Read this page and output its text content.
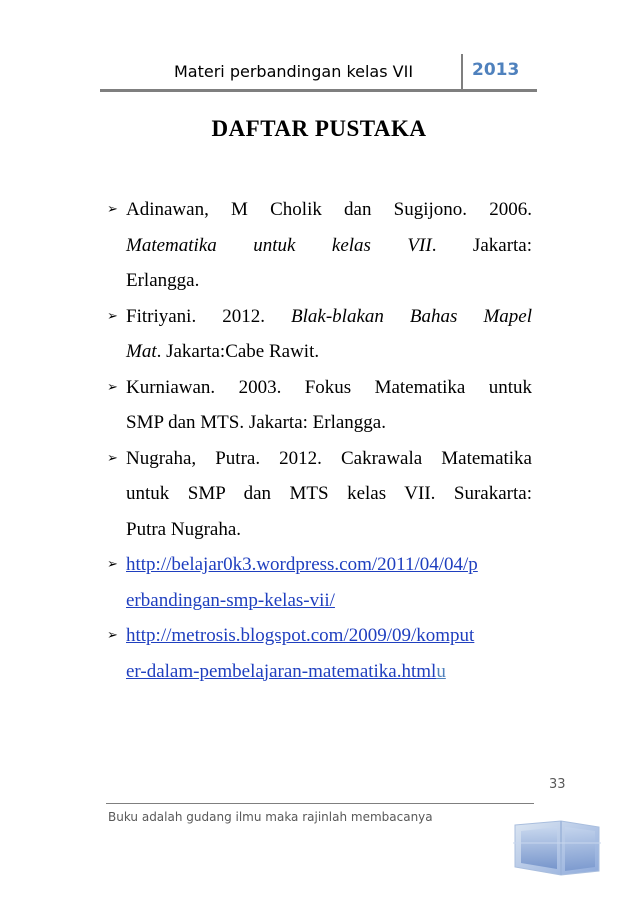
Materi perbandingan kelas VII	2013
DAFTAR PUSTAKA
➢ Adinawan, M Cholik dan Sugijono. 2006.
Matematika untuk kelas VII. Jakarta:
Erlangga.
➢ Fitriyani. 2012. Blak-blakan Bahas Mapel
Mat. Jakarta:Cabe Rawit.
➢ Kurniawan. 2003. Fokus Matematika untuk
SMP dan MTS. Jakarta: Erlangga.
➢ Nugraha, Putra. 2012. Cakrawala Matematika
untuk SMP dan MTS kelas VII. Surakarta:
Putra Nugraha.
➢ http://belajar0k3.wordpress.com/2011/04/04/p
erbandingan-smp-kelas-vii/
➢ http://metrosis.blogspot.com/2009/09/komput
er-dalam-pembelajaran-matematika.htmlu
33
Buku adalah gudang ilmu maka rajinlah membacanya
